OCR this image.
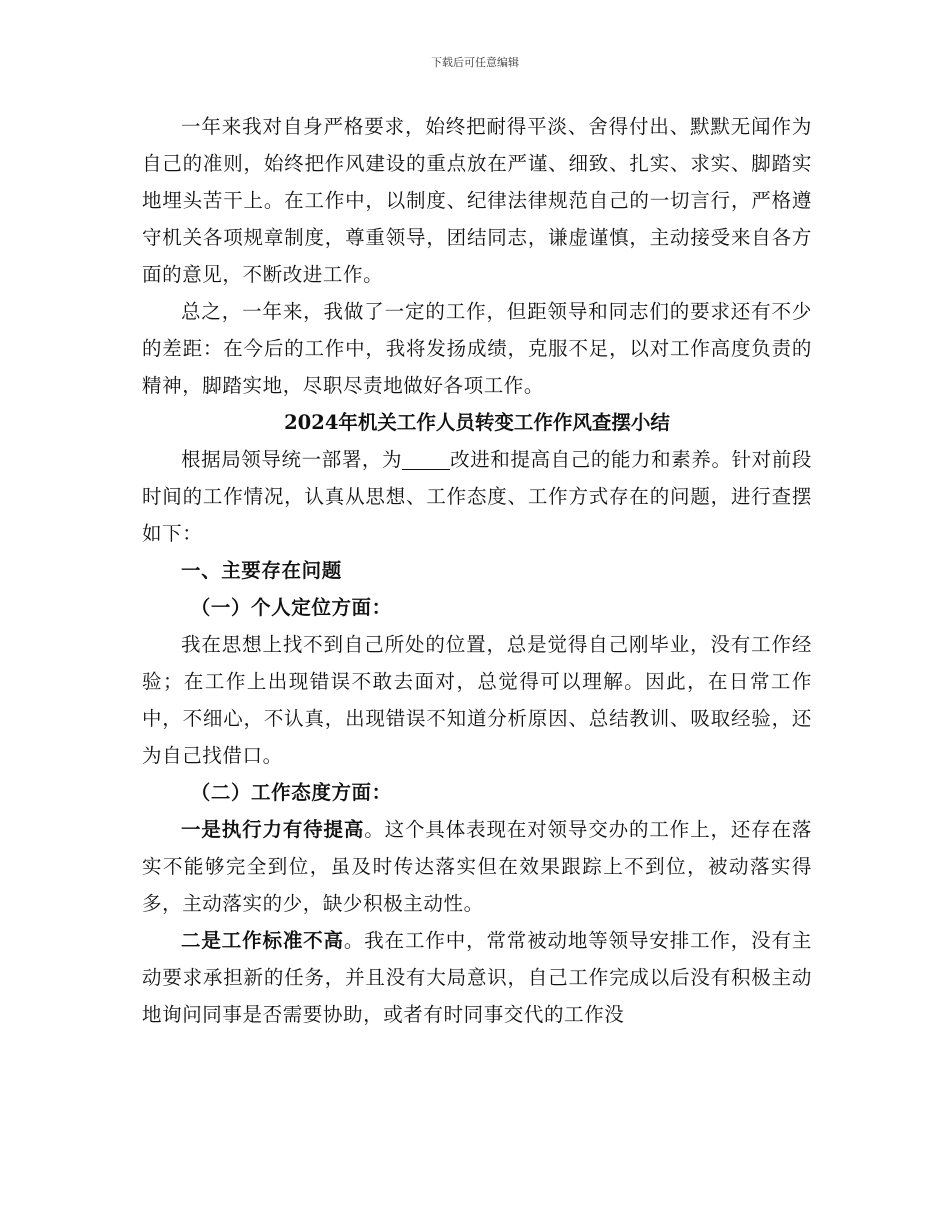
下载后可任意编辑

一年来我对自身严格要求，始终把耐得平淡、舍得付出、默默无闻作为自己的准则，始终把作风建设的重点放在严谨、细致、扎实、求实、脚踏实地埋头苦干上。在工作中，以制度、纪律法律规范自己的一切言行，严格遵守机关各项规章制度，尊重领导，团结同志，谦虚谨慎，主动接受来自各方面的意见，不断改进工作。

总之，一年来，我做了一定的工作，但距领导和同志们的要求还有不少的差距：在今后的工作中，我将发扬成绩，克服不足，以对工作高度负责的精神，脚踏实地，尽职尽责地做好各项工作。

2024年机关工作人员转变工作作风查摆小结

根据局领导统一部署，为 改进和提高自己的能力和素养。针对前段时间的工作情况，认真从思想、工作态度、工作方式存在的问题，进行查摆如下：

一、主要存在问题

（一）个人定位方面：

我在思想上找不到自己所处的位置，总是觉得自己刚毕业，没有工作经验；在工作上出现错误不敢去面对，总觉得可以理解。因此，在日常工作中，不细心，不认真，出现错误不知道分析原因、总结教训、吸取经验，还为自己找借口。

（二）工作态度方面：

一是执行力有待提高。这个具体表现在对领导交办的工作上，还存在落实不能够完全到位，虽及时传达落实但在效果跟踪上不到位，被动落实得多，主动落实的少，缺少积极主动性。

二是工作标准不高。我在工作中，常常被动地等领导安排工作，没有主动要求承担新的任务，并且没有大局意识，自己工作完成以后没有积极主动地询问同事是否需要协助，或者有时同事交代的工作没
